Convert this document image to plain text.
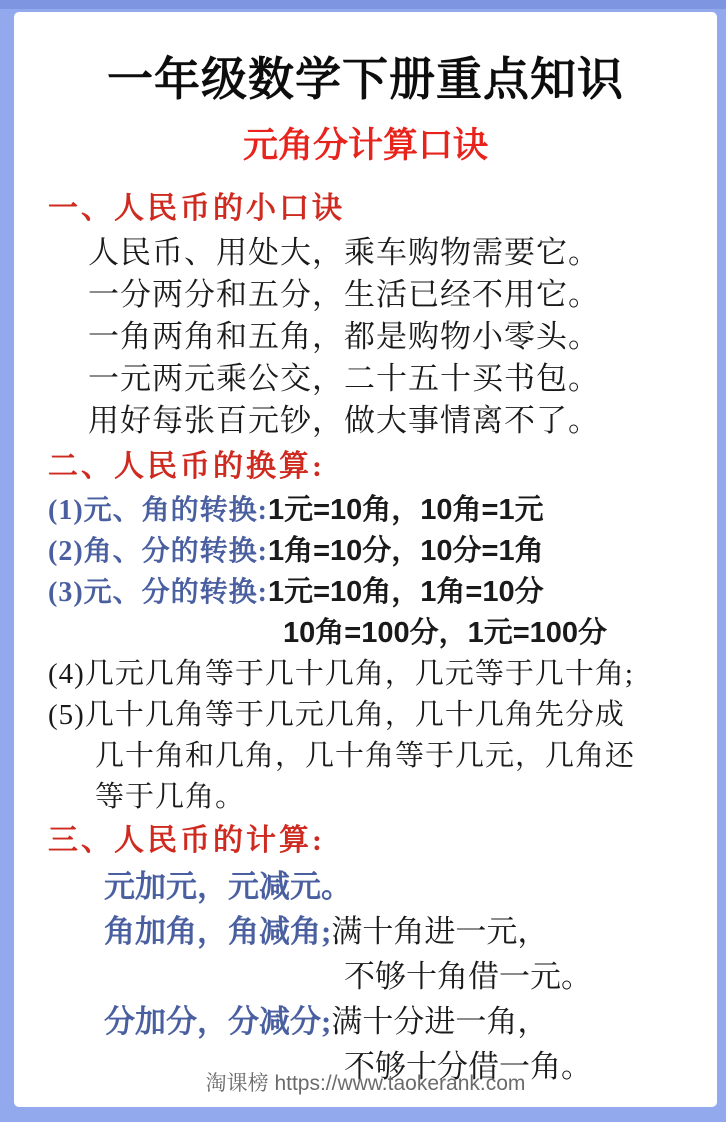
一年级数学下册重点知识
元角分计算口诀
一、人民币的小口诀
人民币、用处大，乘车购物需要它。
一分两分和五分，生活已经不用它。
一角两角和五角，都是购物小零头。
一元两元乘公交，二十五十买书包。
用好每张百元钞，做大事情离不了。
二、人民币的换算:
(1)元、角的转换:1元=10角，10角=1元
(2)角、分的转换:1角=10分，10分=1角
(3)元、分的转换:1元=10角，1角=10分
10角=100分，1元=100分
(4)几元几角等于几十几角，几元等于几十角;
(5)几十几角等于几元几角，几十几角先分成
几十角和几角，几十角等于几元，几角还
等于几角。
三、人民币的计算:
元加元，元减元。
角加角，角减角;满十角进一元，
不够十角借一元。
分加分，分减分;满十分进一角，
不够十分借一角。
淘课榜 https://www.taokerank.com
